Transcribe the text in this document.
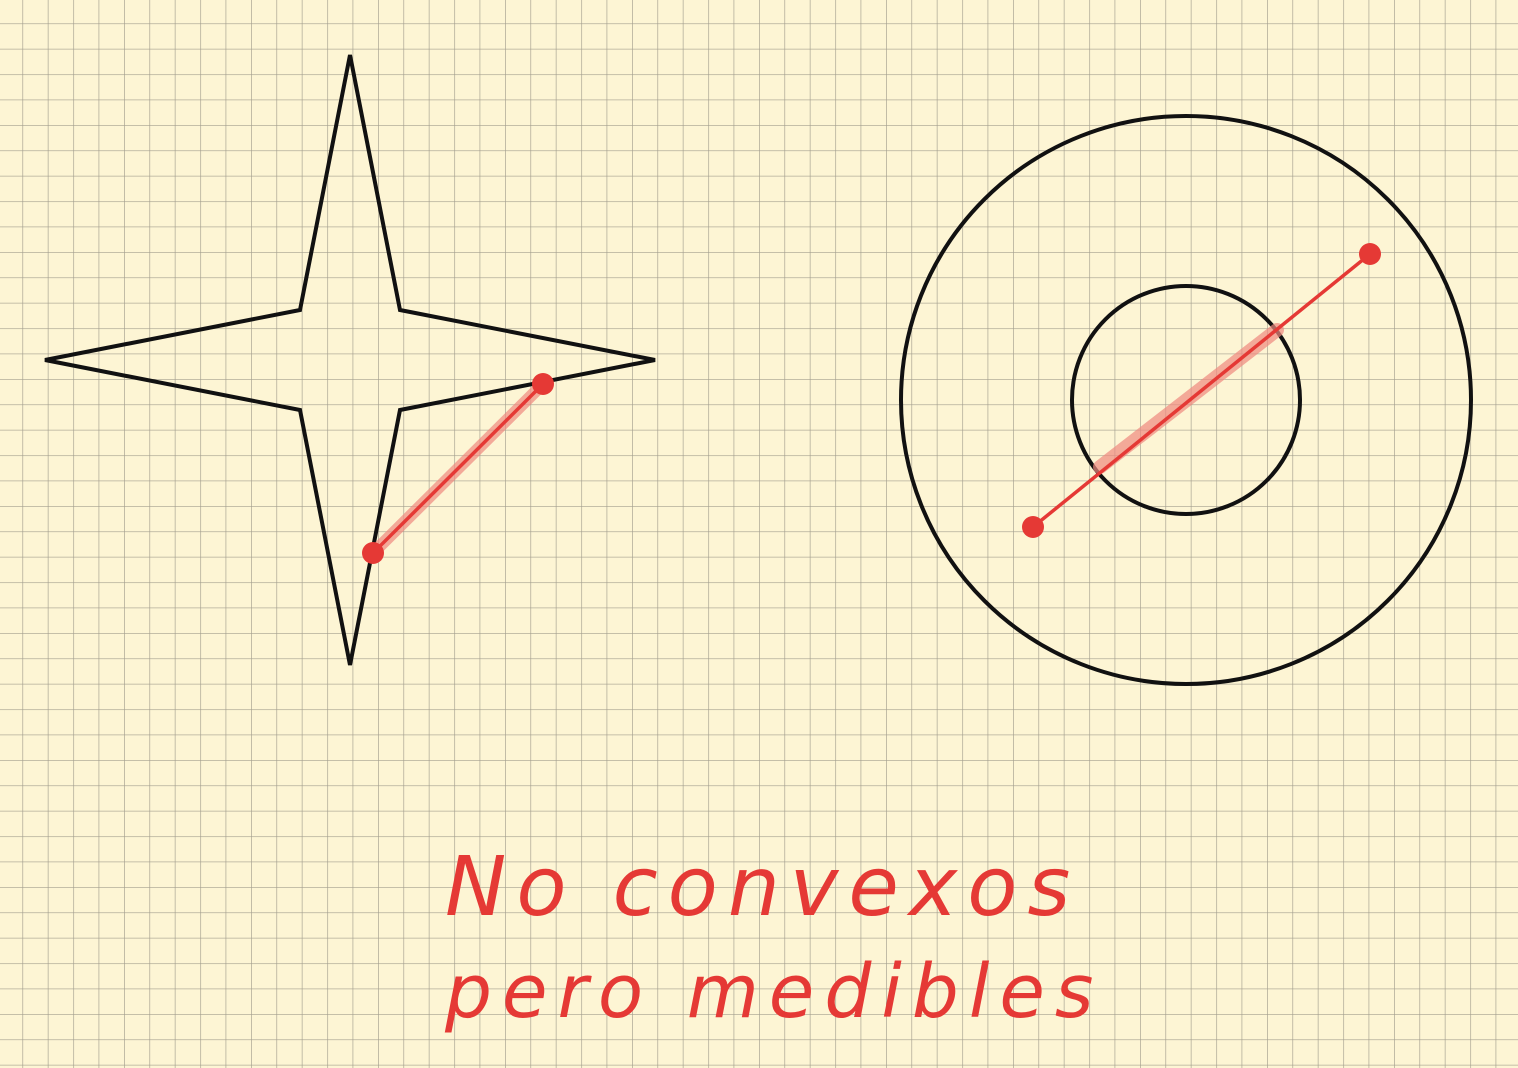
No convexos
pero medibles
